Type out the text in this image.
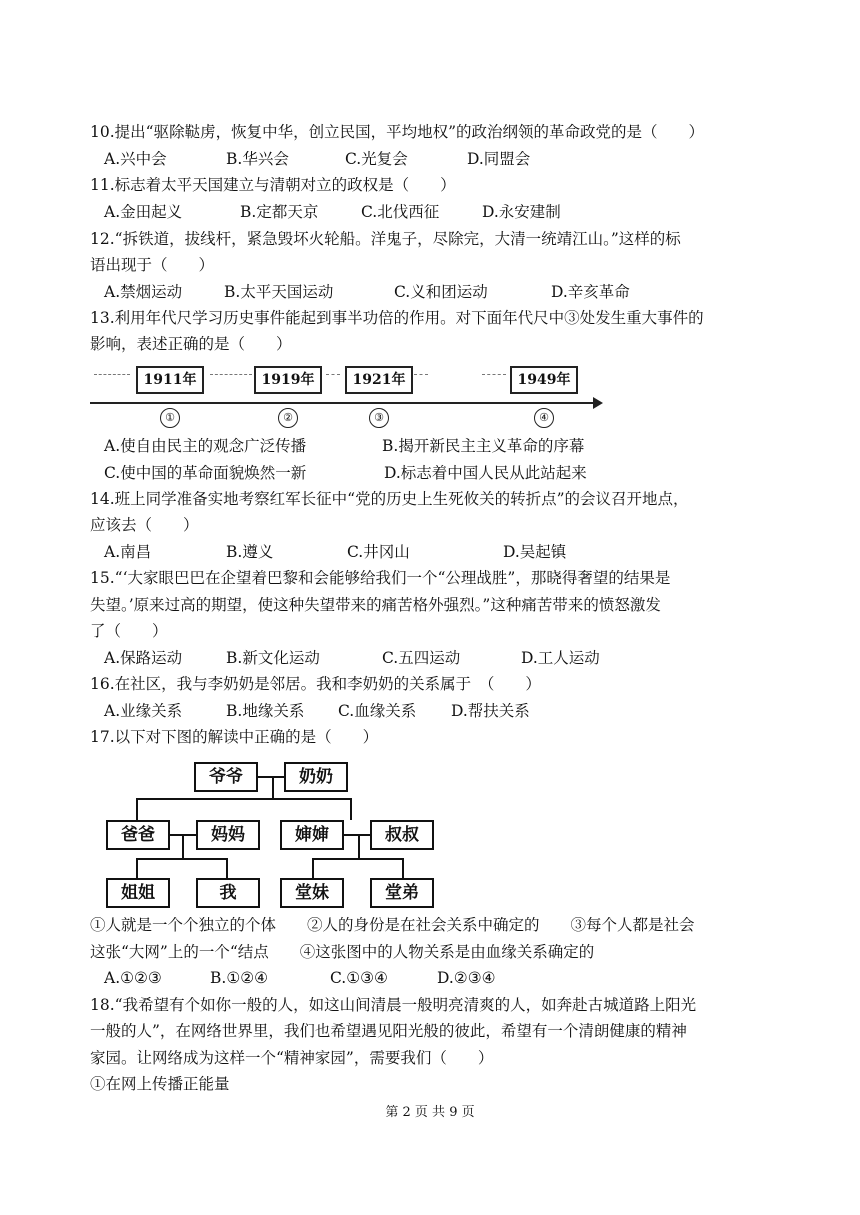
10.提出“驱除鞑虏，恢复中华，创立民国，平均地权”的政治纲领的革命政党的是（　　）
A.兴中会	B.华兴会	C.光复会	D.同盟会
11.标志着太平天国建立与清朝对立的政权是（　　）
A.金田起义	B.定都天京	C.北伐西征	D.永安建制
12.“拆铁道，拔线杆，紧急毁坏火轮船。洋鬼子，尽除完，大清一统靖江山。”这样的标
语出现于（　　）
A.禁烟运动	B.太平天国运动	C.义和团运动	D.辛亥革命
13.利用年代尺学习历史事件能起到事半功倍的作用。对下面年代尺中③处发生重大事件的
影响，表述正确的是（　　）
1911年	1919年	1921年	1949年
①	②	③	④
A.使自由民主的观念广泛传播	B.揭开新民主主义革命的序幕
C.使中国的革命面貌焕然一新	D.标志着中国人民从此站起来
14.班上同学准备实地考察红军长征中“党的历史上生死攸关的转折点”的会议召开地点，
应该去（　　）
A.南昌	B.遵义	C.井冈山	D.吴起镇
15.“‘大家眼巴巴在企望着巴黎和会能够给我们一个“公理战胜”，那晓得奢望的结果是
失望。’原来过高的期望，使这种失望带来的痛苦格外强烈。”这种痛苦带来的愤怒激发
了（　　）
A.保路运动	B.新文化运动	C.五四运动	D.工人运动
16.在社区，我与李奶奶是邻居。我和李奶奶的关系属于　（　　）
A.业缘关系	B.地缘关系 C.血缘关系 D.帮扶关系
17.以下对下图的解读中正确的是（　　）
爷爷	奶奶
爸爸	妈妈	婶婶	叔叔
姐姐	我	堂妹	堂弟
①人就是一个个独立的个体　　②人的身份是在社会关系中确定的　　③每个人都是社会
这张“大网”上的一个“结点　　④这张图中的人物关系是由血缘关系确定的
A.①②③	B.①②④	C.①③④	D.②③④
18.“我希望有个如你一般的人，如这山间清晨一般明亮清爽的人，如奔赴古城道路上阳光
一般的人”，在网络世界里，我们也希望遇见阳光般的彼此，希望有一个清朗健康的精神
家园。让网络成为这样一个“精神家园”，需要我们（　　）
①在网上传播正能量
第 2 页 共 9 页
